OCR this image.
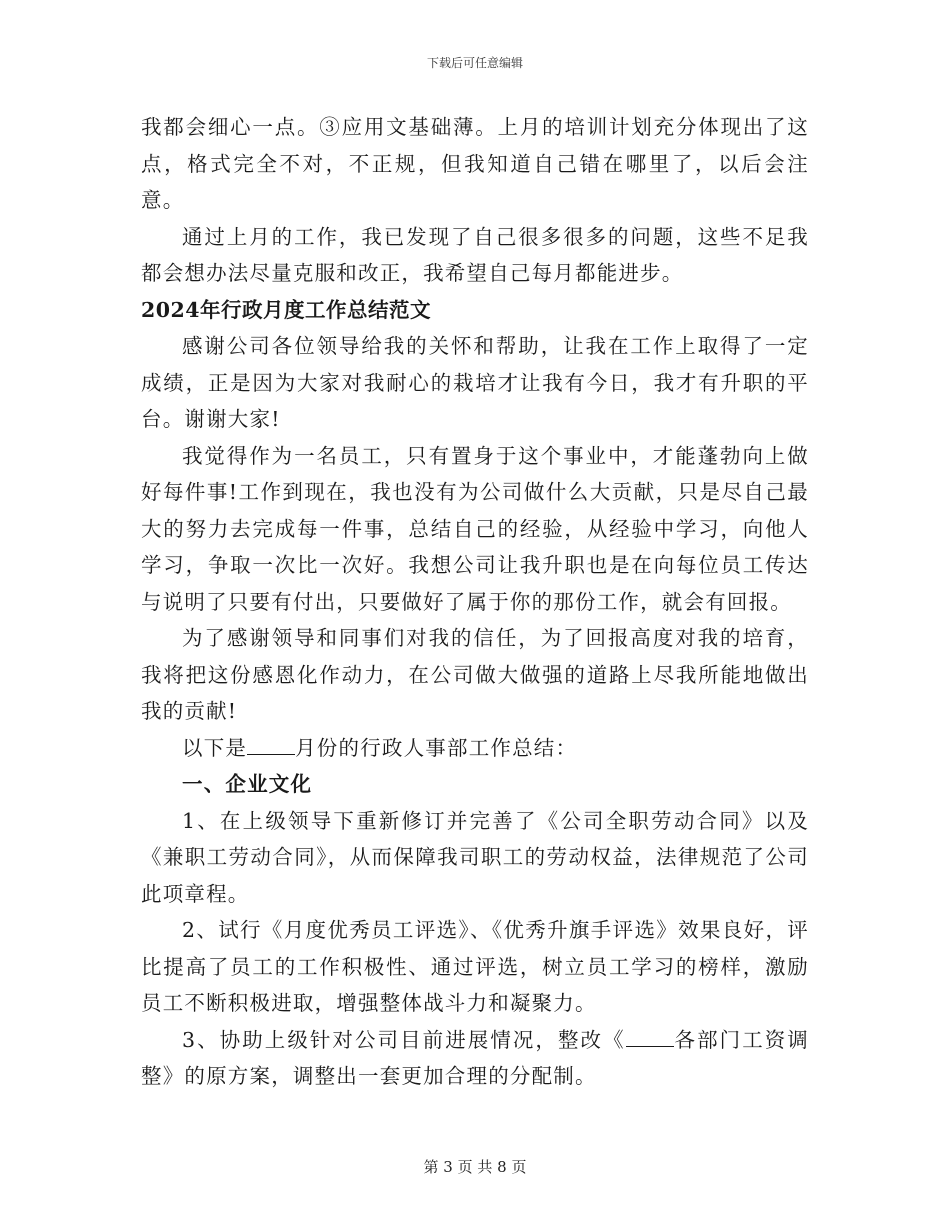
下载后可任意编辑

我都会细心一点。③应用文基础薄。上月的培训计划充分体现出了这点，格式完全不对，不正规，但我知道自己错在哪里了，以后会注意。

通过上月的工作，我已发现了自己很多很多的问题，这些不足我都会想办法尽量克服和改正，我希望自己每月都能进步。

2024年行政月度工作总结范文

感谢公司各位领导给我的关怀和帮助，让我在工作上取得了一定成绩，正是因为大家对我耐心的栽培才让我有今日，我才有升职的平台。谢谢大家!

我觉得作为一名员工，只有置身于这个事业中，才能蓬勃向上做好每件事!工作到现在，我也没有为公司做什么大贡献，只是尽自己最大的努力去完成每一件事，总结自己的经验，从经验中学习，向他人学习，争取一次比一次好。我想公司让我升职也是在向每位员工传达与说明了只要有付出，只要做好了属于你的那份工作，就会有回报。

为了感谢领导和同事们对我的信任，为了回报高度对我的培育，我将把这份感恩化作动力，在公司做大做强的道路上尽我所能地做出我的贡献!

以下是 月份的行政人事部工作总结：

一、企业文化

1、在上级领导下重新修订并完善了《公司全职劳动合同》以及《兼职工劳动合同》，从而保障我司职工的劳动权益，法律规范了公司此项章程。

2、试行《月度优秀员工评选》、《优秀升旗手评选》效果良好，评比提高了员工的工作积极性、通过评选，树立员工学习的榜样，激励员工不断积极进取，增强整体战斗力和凝聚力。

3、协助上级针对公司目前进展情况，整改《 各部门工资调整》的原方案，调整出一套更加合理的分配制。

第 3 页 共 8 页
